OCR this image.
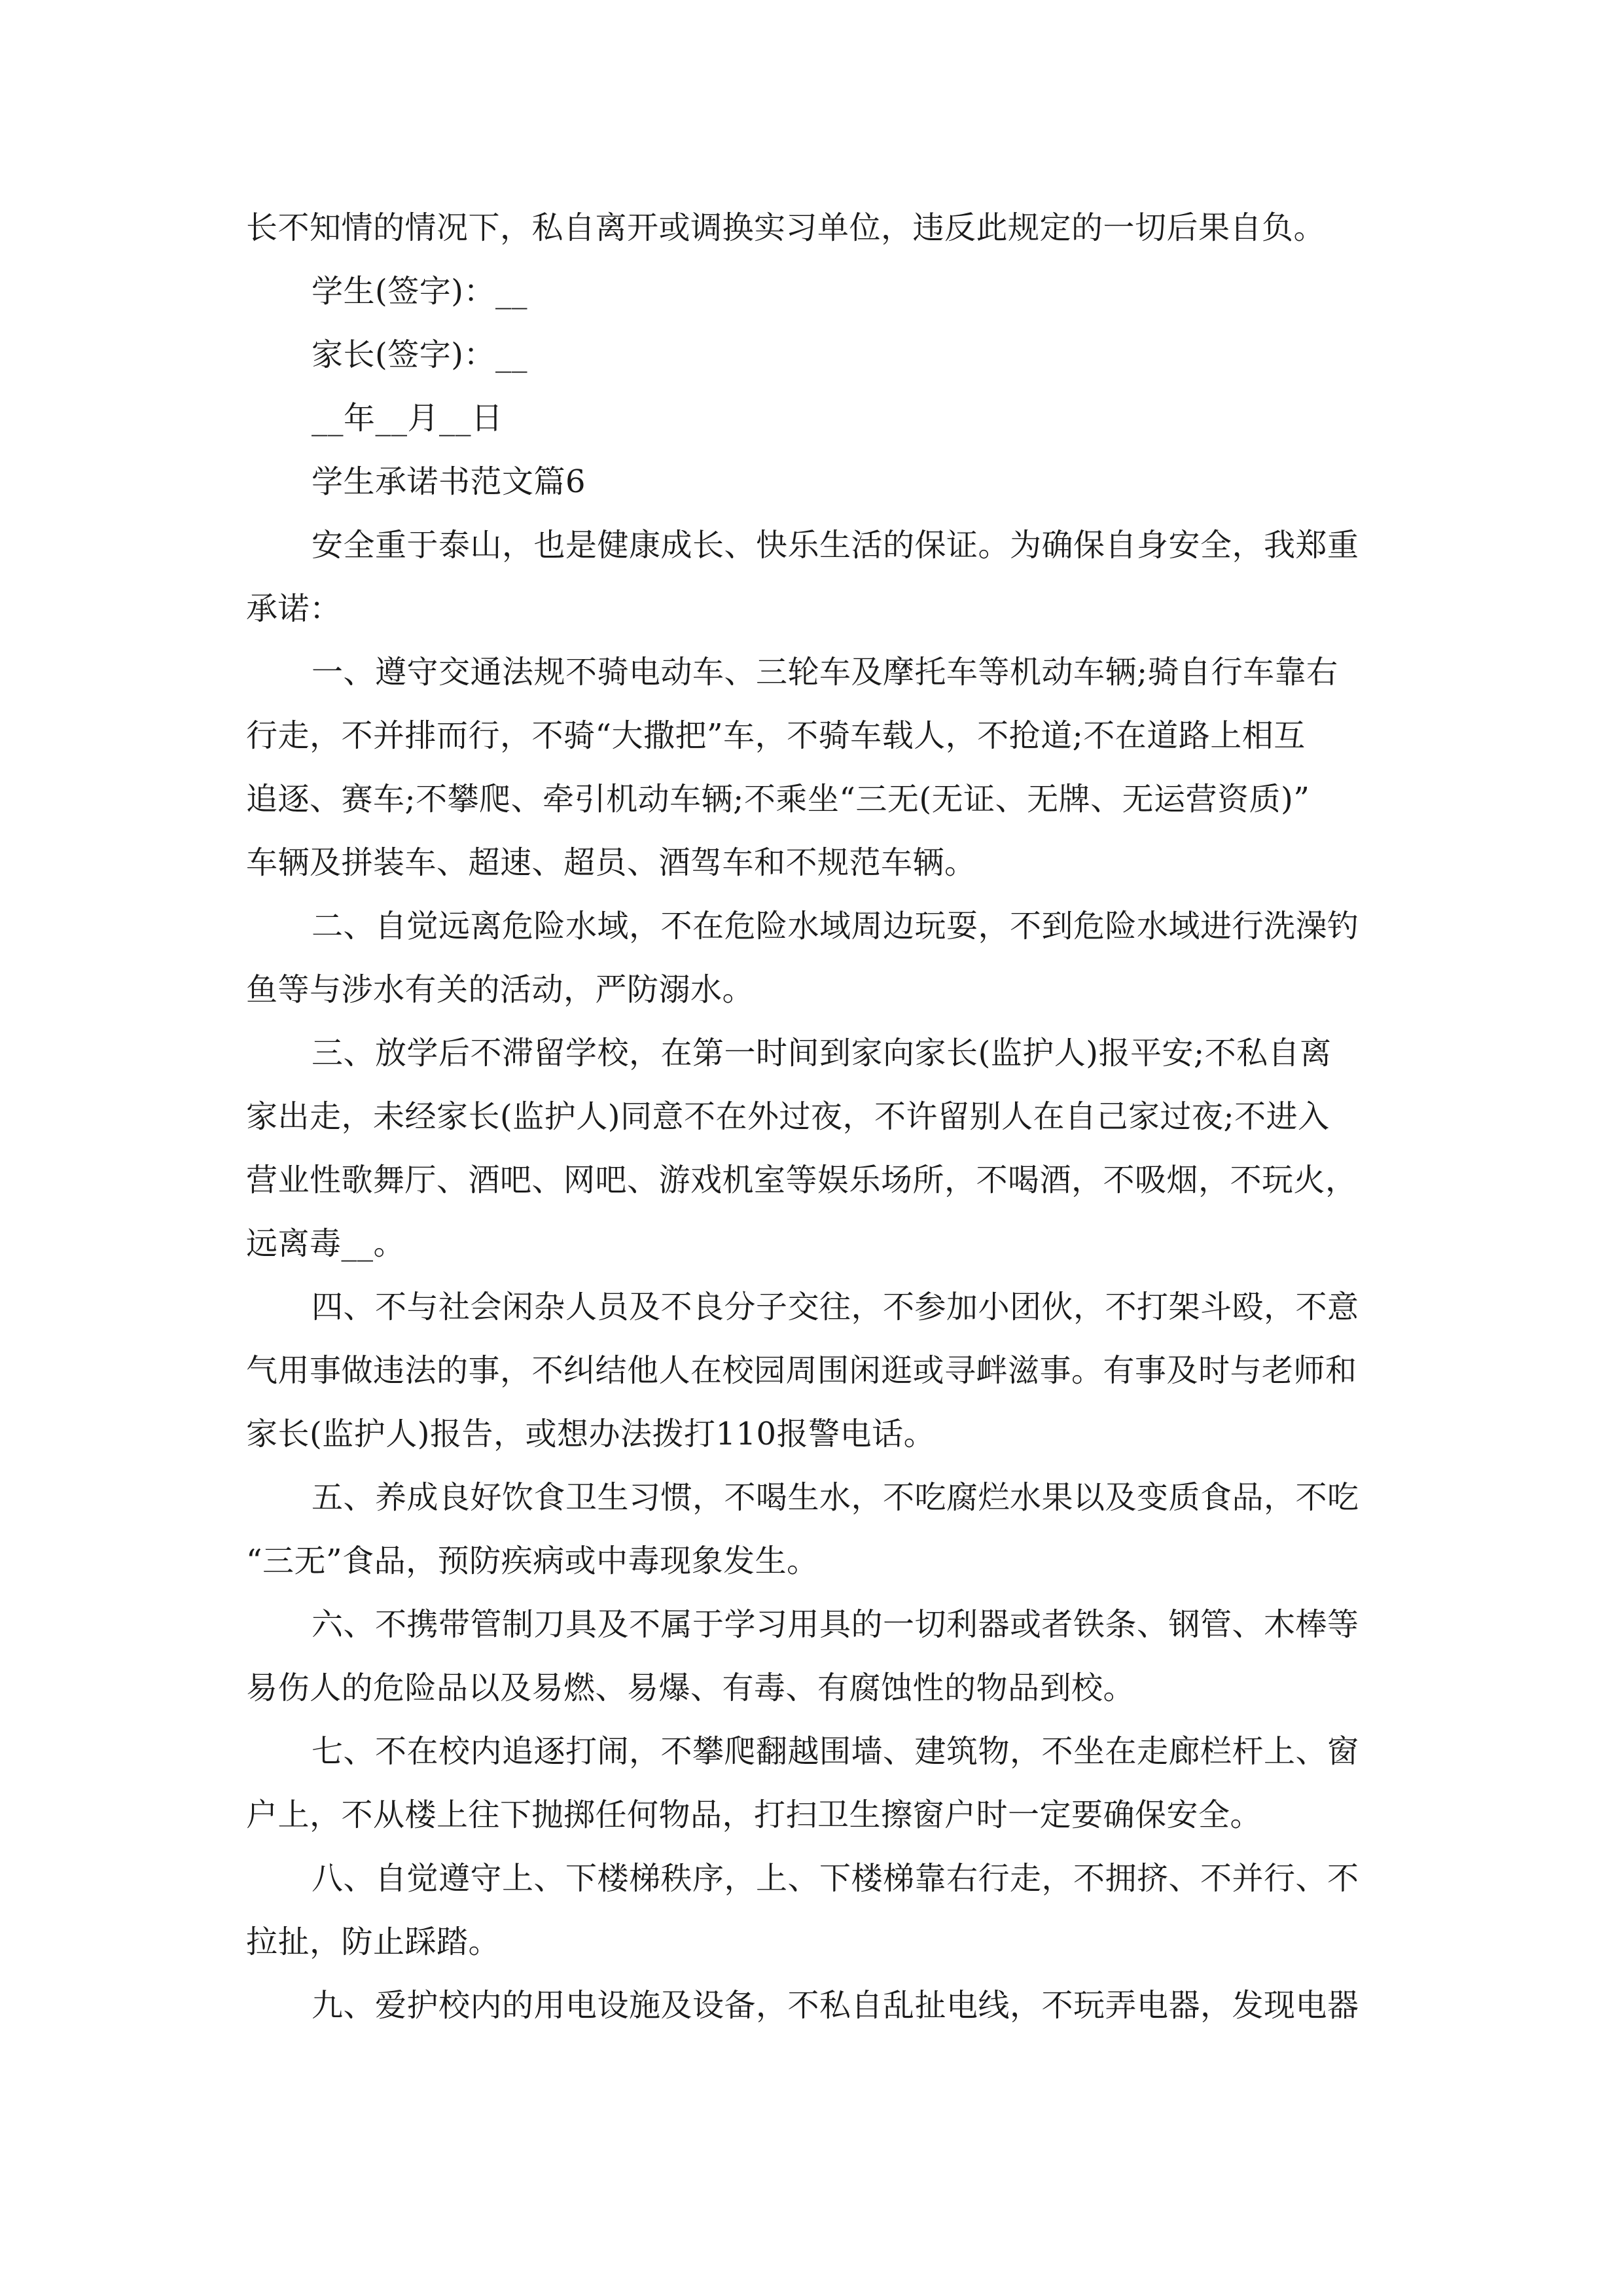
长不知情的情况下，私自离开或调换实习单位，违反此规定的一切后果自负。
学生(签字)：__
家长(签字)：__
__年__月__日
学生承诺书范文篇6
安全重于泰山，也是健康成长、快乐生活的保证。为确保自身安全，我郑重
承诺：
一、遵守交通法规不骑电动车、三轮车及摩托车等机动车辆;骑自行车靠右
行走，不并排而行，不骑“大撒把”车，不骑车载人，不抢道;不在道路上相互
追逐、赛车;不攀爬、牵引机动车辆;不乘坐“三无(无证、无牌、无运营资质)”
车辆及拼装车、超速、超员、酒驾车和不规范车辆。
二、自觉远离危险水域，不在危险水域周边玩耍，不到危险水域进行洗澡钓
鱼等与涉水有关的活动，严防溺水。
三、放学后不滞留学校，在第一时间到家向家长(监护人)报平安;不私自离
家出走，未经家长(监护人)同意不在外过夜，不许留别人在自己家过夜;不进入
营业性歌舞厅、酒吧、网吧、游戏机室等娱乐场所，不喝酒，不吸烟，不玩火，
远离毒__。
四、不与社会闲杂人员及不良分子交往，不参加小团伙，不打架斗殴，不意
气用事做违法的事，不纠结他人在校园周围闲逛或寻衅滋事。有事及时与老师和
家长(监护人)报告，或想办法拨打110报警电话。
五、养成良好饮食卫生习惯，不喝生水，不吃腐烂水果以及变质食品，不吃
“三无”食品，预防疾病或中毒现象发生。
六、不携带管制刀具及不属于学习用具的一切利器或者铁条、钢管、木棒等
易伤人的危险品以及易燃、易爆、有毒、有腐蚀性的物品到校。
七、不在校内追逐打闹，不攀爬翻越围墙、建筑物，不坐在走廊栏杆上、窗
户上，不从楼上往下抛掷任何物品，打扫卫生擦窗户时一定要确保安全。
八、自觉遵守上、下楼梯秩序，上、下楼梯靠右行走，不拥挤、不并行、不
拉扯，防止踩踏。
九、爱护校内的用电设施及设备，不私自乱扯电线，不玩弄电器，发现电器
